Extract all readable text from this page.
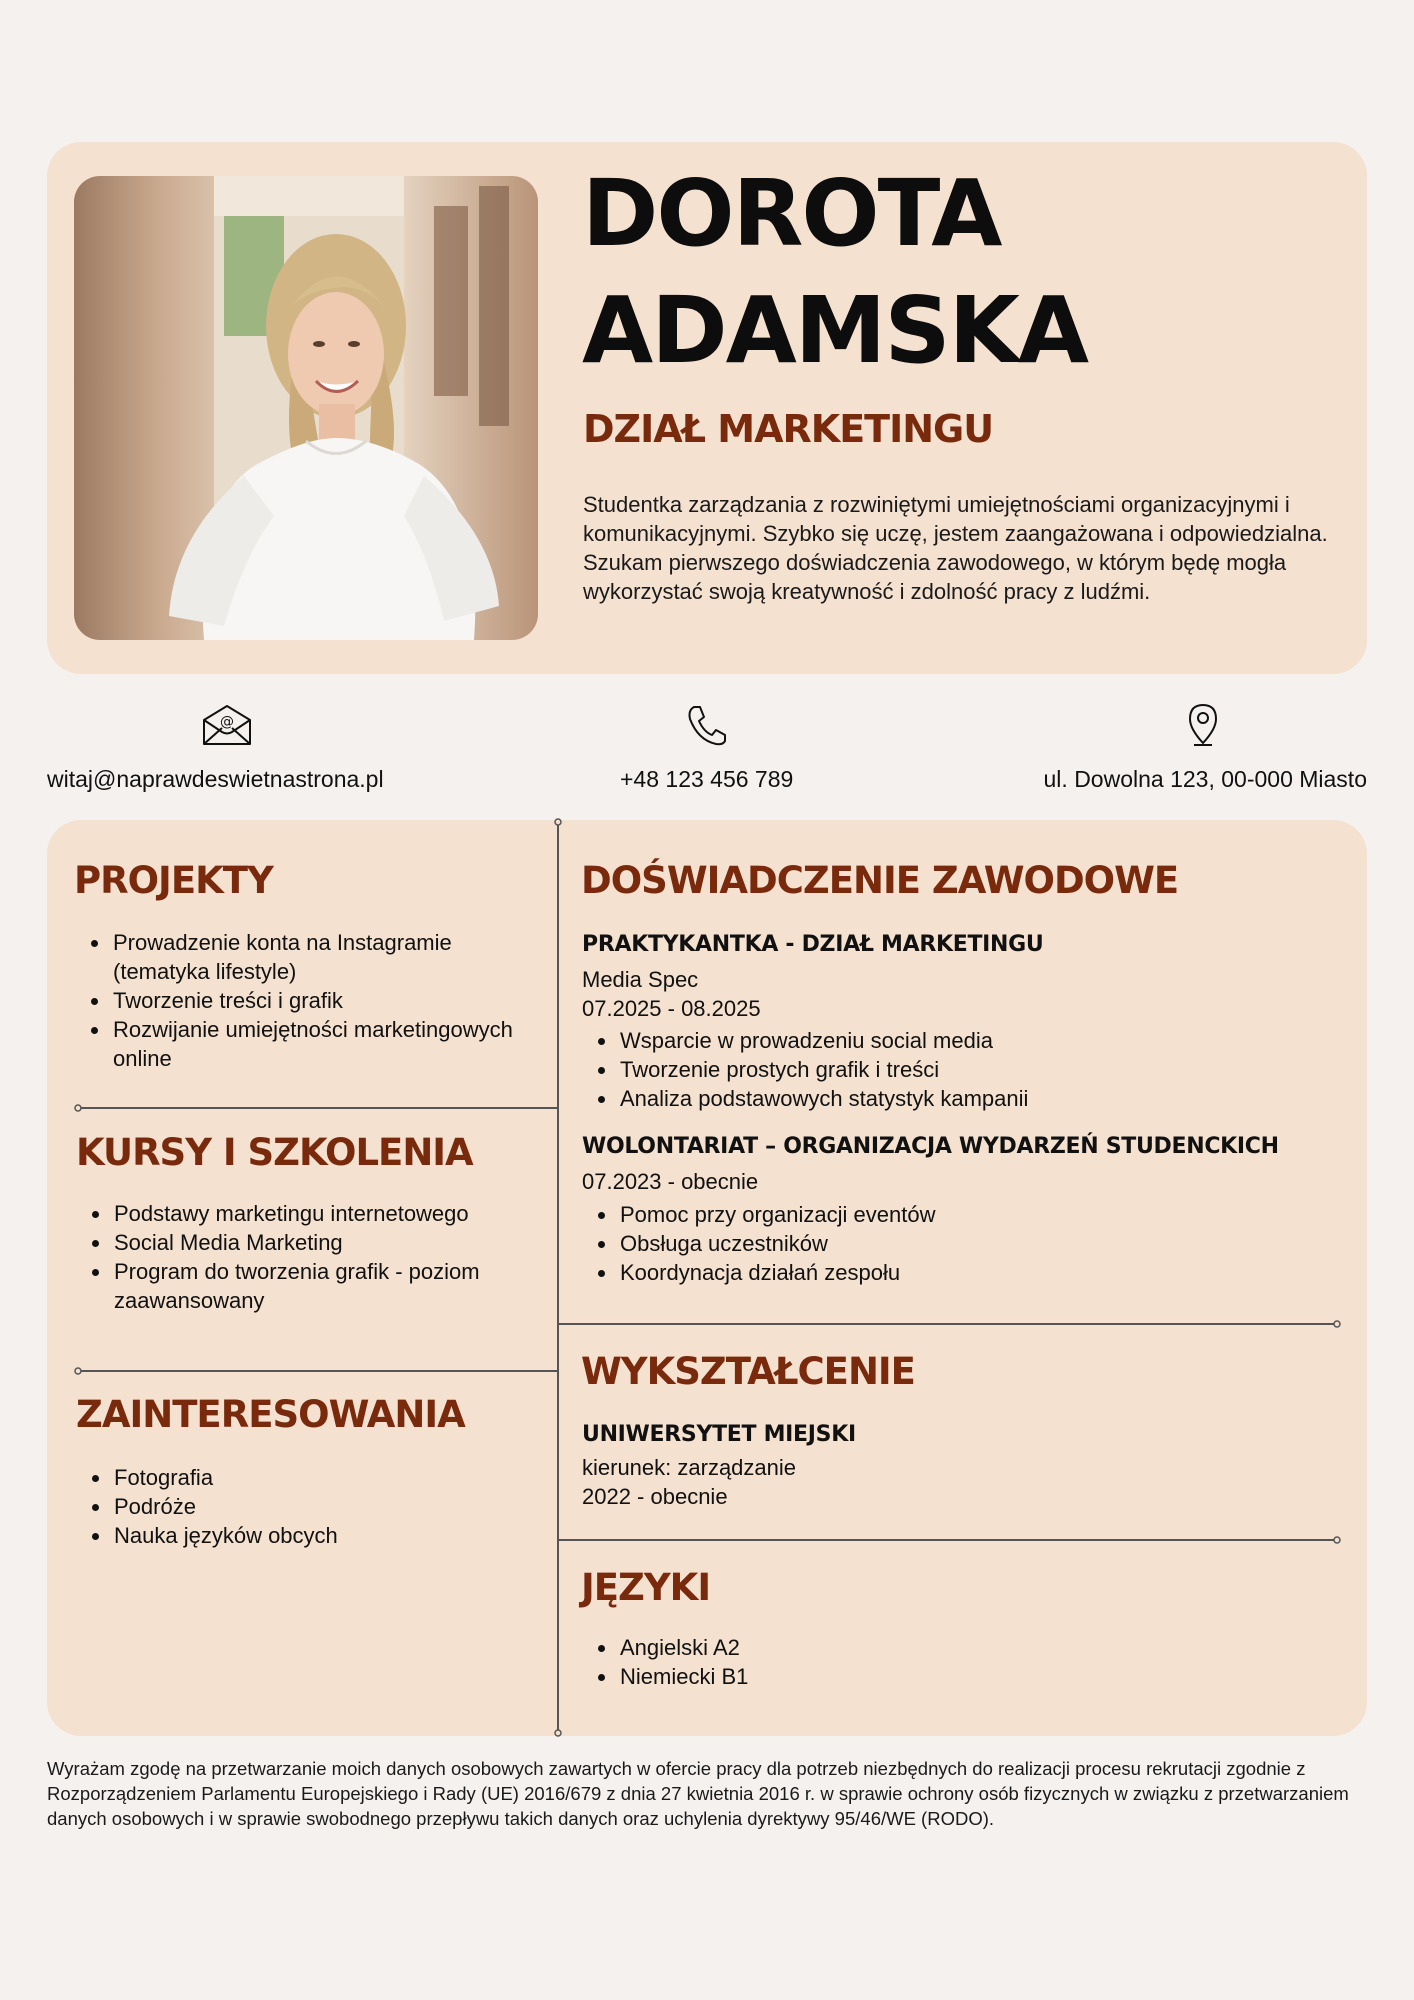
DOROTA
ADAMSKA
DZIAŁ MARKETINGU

Studentka zarządzania z rozwiniętymi umiejętnościami organizacyjnymi i komunikacyjnymi. Szybko się uczę, jestem zaangażowana i odpowiedzialna. Szukam pierwszego doświadczenia zawodowego, w którym będę mogła wykorzystać swoją kreatywność i zdolność pracy z ludźmi.

@
witaj@naprawdeswietnastrona.pl	+48 123 456 789	ul. Dowolna 123, 00-000 Miasto
PROJEKTY
• Prowadzenie konta na Instagramie (tematyka lifestyle)
• Tworzenie treści i grafik
• Rozwijanie umiejętności marketingowych online
KURSY I SZKOLENIA
• Podstawy marketingu internetowego
• Social Media Marketing
• Program do tworzenia grafik - poziom zaawansowany
ZAINTERESOWANIA
• Fotografia
• Podróże
• Nauka języków obcych
DOŚWIADCZENIE ZAWODOWE

PRAKTYKANTKA - DZIAŁ MARKETINGU

Media Spec

07.2025 - 08.2025

• Wsparcie w prowadzeniu social media
• Tworzenie prostych grafik i treści
• Analiza podstawowych statystyk kampanii

WOLONTARIAT – ORGANIZACJA WYDARZEŃ STUDENCKICH

07.2023 - obecnie

• Pomoc przy organizacji eventów
• Obsługa uczestników
• Koordynacja działań zespołu
WYKSZTAŁCENIE

UNIWERSYTET MIEJSKI

kierunek: zarządzanie

2022 - obecnie

JĘZYKI
• Angielski A2
• Niemiecki B1

Wyrażam zgodę na przetwarzanie moich danych osobowych zawartych w ofercie pracy dla potrzeb niezbędnych do realizacji procesu rekrutacji zgodnie z Rozporządzeniem Parlamentu Europejskiego i Rady (UE) 2016/679 z dnia 27 kwietnia 2016 r. w sprawie ochrony osób fizycznych w związku z przetwarzaniem danych osobowych i w sprawie swobodnego przepływu takich danych oraz uchylenia dyrektywy 95/46/WE (RODO).
